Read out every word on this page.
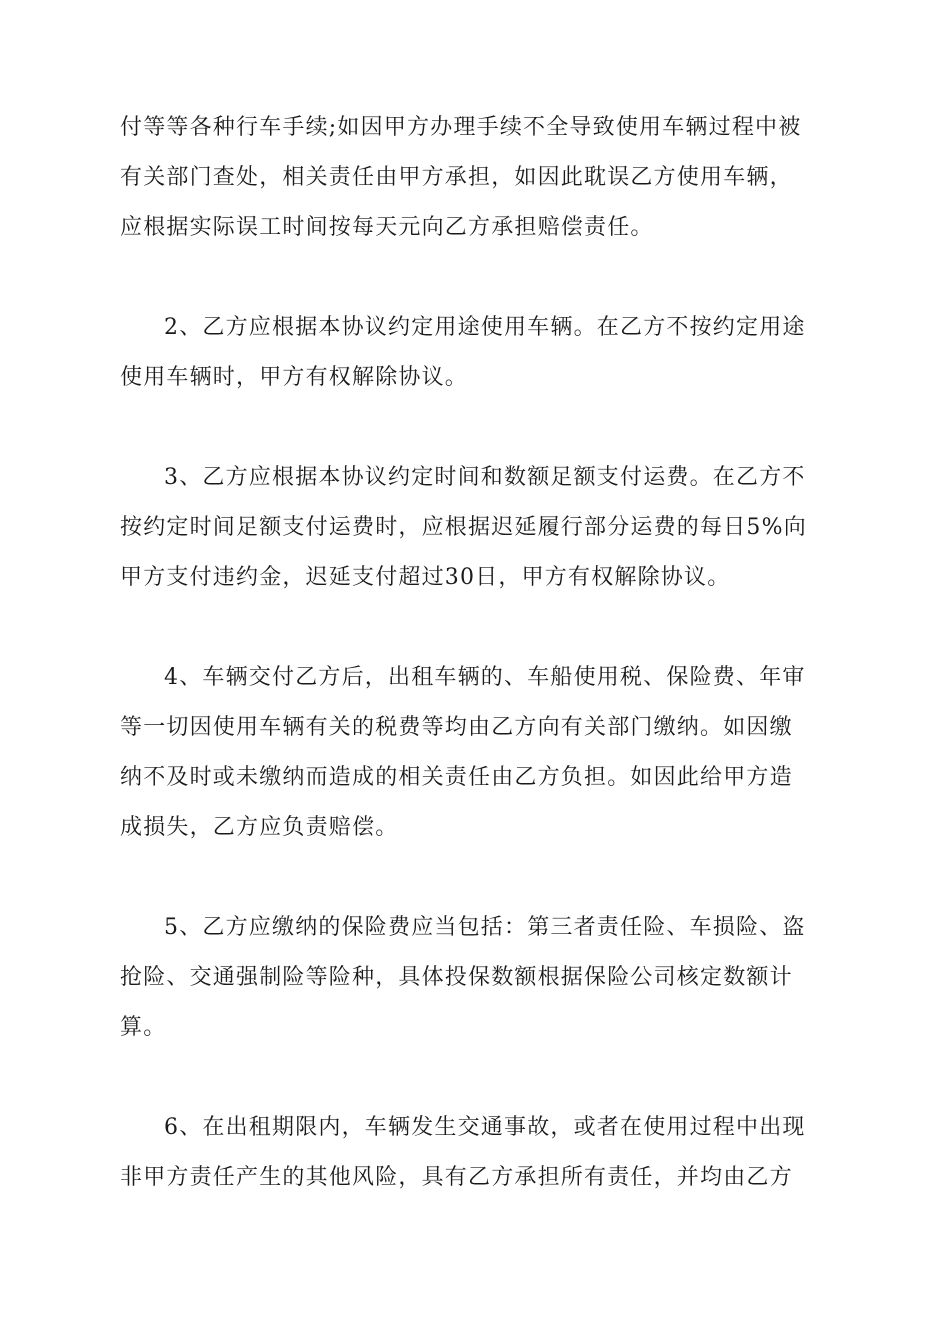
付等等各种行车手续;如因甲方办理手续不全导致使用车辆过程中被
有关部门查处，相关责任由甲方承担，如因此耽误乙方使用车辆，
应根据实际误工时间按每天元向乙方承担赔偿责任。
2、乙方应根据本协议约定用途使用车辆。在乙方不按约定用途
使用车辆时，甲方有权解除协议。
3、乙方应根据本协议约定时间和数额足额支付运费。在乙方不
按约定时间足额支付运费时，应根据迟延履行部分运费的每日5%向
甲方支付违约金，迟延支付超过30日，甲方有权解除协议。
4、车辆交付乙方后，出租车辆的、车船使用税、保险费、年审
等一切因使用车辆有关的税费等均由乙方向有关部门缴纳。如因缴
纳不及时或未缴纳而造成的相关责任由乙方负担。如因此给甲方造
成损失，乙方应负责赔偿。
5、乙方应缴纳的保险费应当包括：第三者责任险、车损险、盗
抢险、交通强制险等险种，具体投保数额根据保险公司核定数额计
算。
6、在出租期限内，车辆发生交通事故，或者在使用过程中出现
非甲方责任产生的其他风险，具有乙方承担所有责任，并均由乙方
